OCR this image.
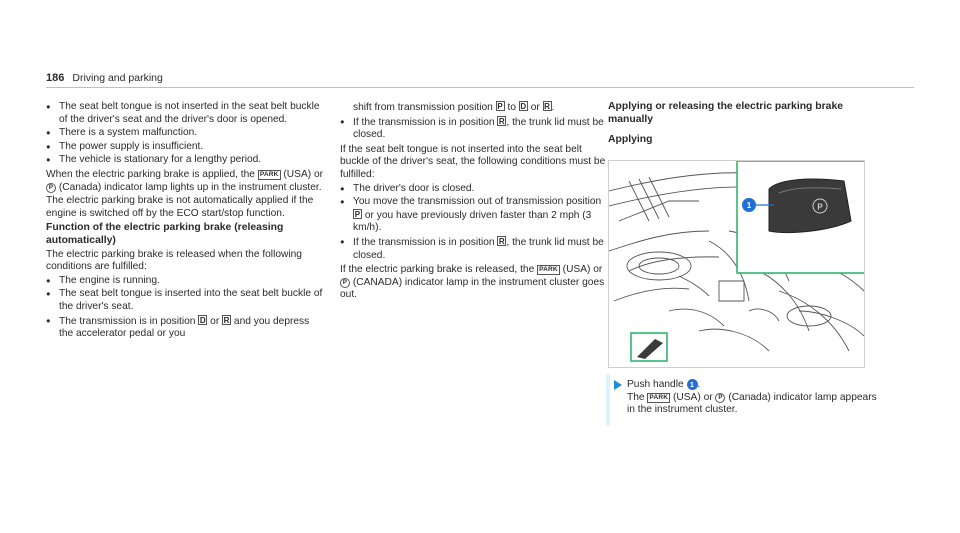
186 Driving and parking
● The seat belt tongue is not inserted in the seat belt buckle of the driver's seat and the driver's door is opened.
● There is a system malfunction.
● The power supply is insufficient.
● The vehicle is stationary for a lengthy period.
When the electric parking brake is applied, the PARK (USA) or P (Canada) indicator lamp lights up in the instrument cluster.
The electric parking brake is not automatically applied if the engine is switched off by the ECO start/stop function.
Function of the electric parking brake (releasing automatically)
The electric parking brake is released when the following conditions are fulfilled:
● The engine is running.
● The seat belt tongue is inserted into the seat belt buckle of the driver's seat.
● The transmission is in position D or R and you depress the accelerator pedal or you
shift from transmission position P to D or R .
● If the transmission is in position R , the trunk lid must be closed.
If the seat belt tongue is not inserted into the seat belt buckle of the driver's seat, the following conditions must be fulfilled:
● The driver's door is closed.
● You move the transmission out of transmission position P or you have previously driven faster than 2 mph (3 km/h).
● If the transmission is in position R , the trunk lid must be closed.
If the electric parking brake is released, the PARK (USA) or P (CANADA) indicator lamp in the instrument cluster goes out.
Applying or releasing the electric parking brake manually
Applying
P
1
Push handle 1 .
The PARK (USA) or P (Canada) indicator lamp appears in the instrument cluster.
